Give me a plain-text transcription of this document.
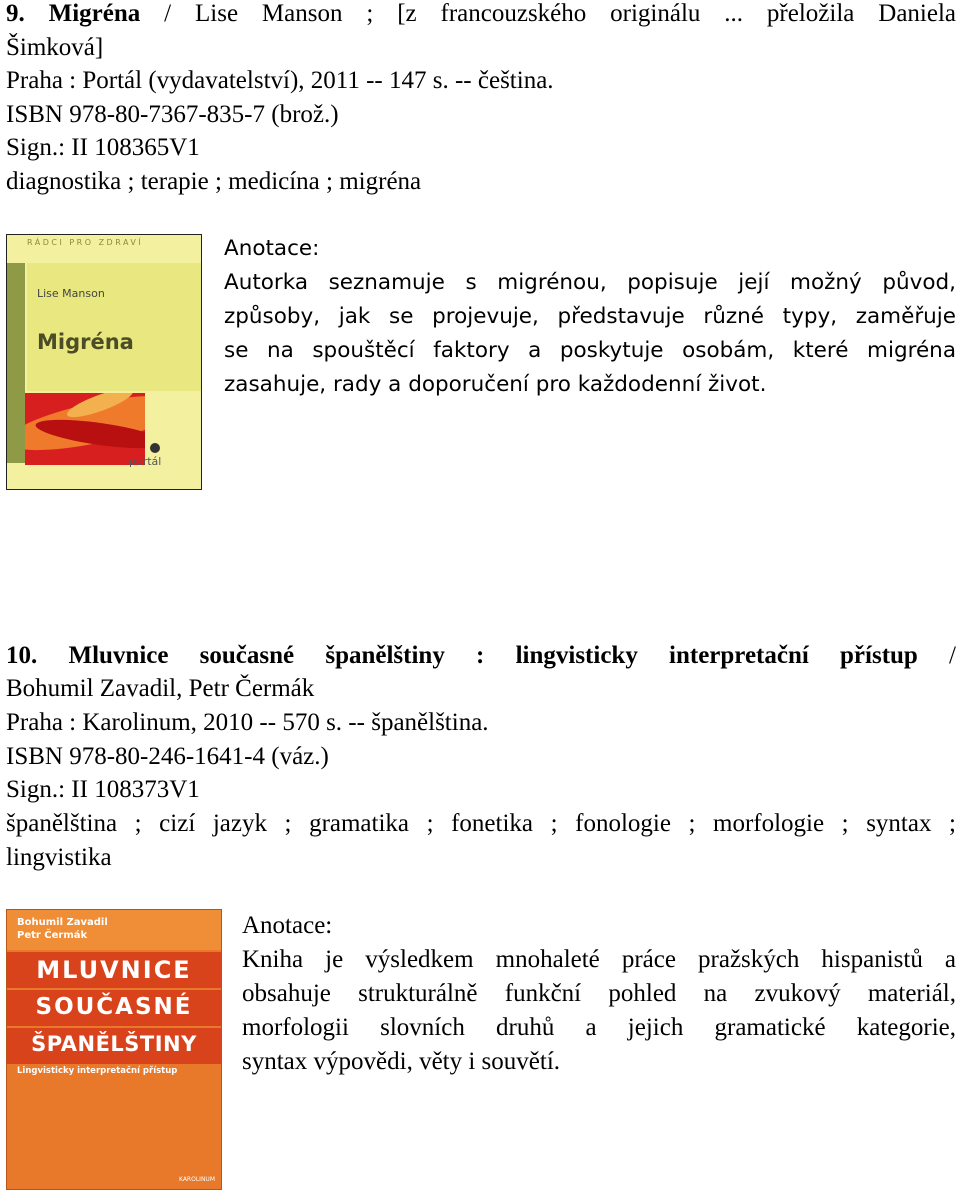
9. Migréna / Lise Manson ; [z francouzského originálu ... přeložila Daniela
Šimková]
Praha : Portál (vydavatelství), 2011 -- 147 s. -- čeština.
ISBN 978-80-7367-835-7 (brož.)
Sign.: II 108365V1
diagnostika ; terapie ; medicína ; migréna
RÁDCI PRO ZDRAVÍ
Lise Manson
Migréna
portál
Anotace:
Autorka seznamuje s migrénou, popisuje její možný původ,
způsoby, jak se projevuje, představuje různé typy, zaměřuje
se na spouštěcí faktory a poskytuje osobám, které migréna
zasahuje, rady a doporučení pro každodenní život.
10. Mluvnice současné španělštiny : lingvisticky interpretační přístup /
Bohumil Zavadil, Petr Čermák
Praha : Karolinum, 2010 -- 570 s. -- španělština.
ISBN 978-80-246-1641-4 (váz.)
Sign.: II 108373V1
španělština ; cizí jazyk ; gramatika ; fonetika ; fonologie ; morfologie ; syntax ;
lingvistika
Bohumil Zavadil
Petr Čermák
MLUVNICE
SOUČASNÉ
ŠPANĚLŠTINY
Lingvisticky interpretační přístup
KAROLINUM
Anotace:
Kniha je výsledkem mnohaleté práce pražských hispanistů a
obsahuje strukturálně funkční pohled na zvukový materiál,
morfologii slovních druhů a jejich gramatické kategorie,
syntax výpovědi, věty i souvětí.
